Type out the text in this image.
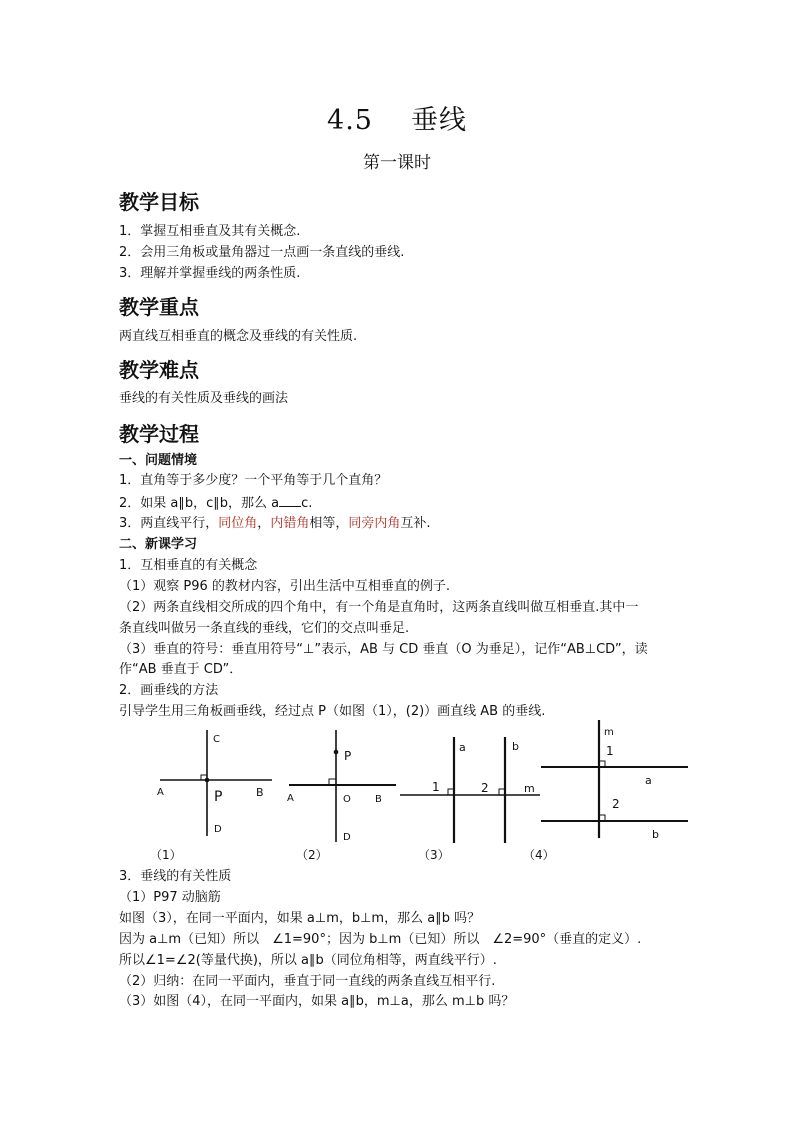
4.5 垂线
第一课时
教学目标
1．掌握互相垂直及其有关概念.
2．会用三角板或量角器过一点画一条直线的垂线.
3．理解并掌握垂线的两条性质.
教学重点
两直线互相垂直的概念及垂线的有关性质.
教学难点
垂线的有关性质及垂线的画法
教学过程
一、问题情境
1．直角等于多少度？一个平角等于几个直角？
2．如果 a∥b，c∥b，那么 a c.
3．两直线平行，同位角，内错角相等，同旁内角互补.
二、新课学习
1．互相垂直的有关概念
（1）观察 P96 的教材内容，引出生活中互相垂直的例子.
（2）两条直线相交所成的四个角中，有一个角是直角时，这两条直线叫做互相垂直.其中一
条直线叫做另一条直线的垂线，它们的交点叫垂足.
（3）垂直的符号：垂直用符号“⊥”表示，AB 与 CD 垂直（O 为垂足），记作“AB⊥CD”，读
作“AB 垂直于 CD”．
2．画垂线的方法
引导学生用三角板画垂线，经过点 P（如图（1），(2)）画直线 AB 的垂线.
C
A	P	B
D
（1）
P
A	O B
D
（2）
a	b
1	2	m
（3）
m
1
a
2
b
（4）
3．垂线的有关性质
（1）P97 动脑筋
如图（3），在同一平面内，如果 a⊥m，b⊥m，那么 a∥b 吗？
因为 a⊥m（已知）所以　∠1=90°；因为 b⊥m（已知）所以　∠2=90°（垂直的定义）.
所以∠1=∠2(等量代换)，所以 a∥b（同位角相等，两直线平行）.
（2）归纳：在同一平面内，垂直于同一直线的两条直线互相平行.
（3）如图（4），在同一平面内，如果 a∥b，m⊥a，那么 m⊥b 吗？
